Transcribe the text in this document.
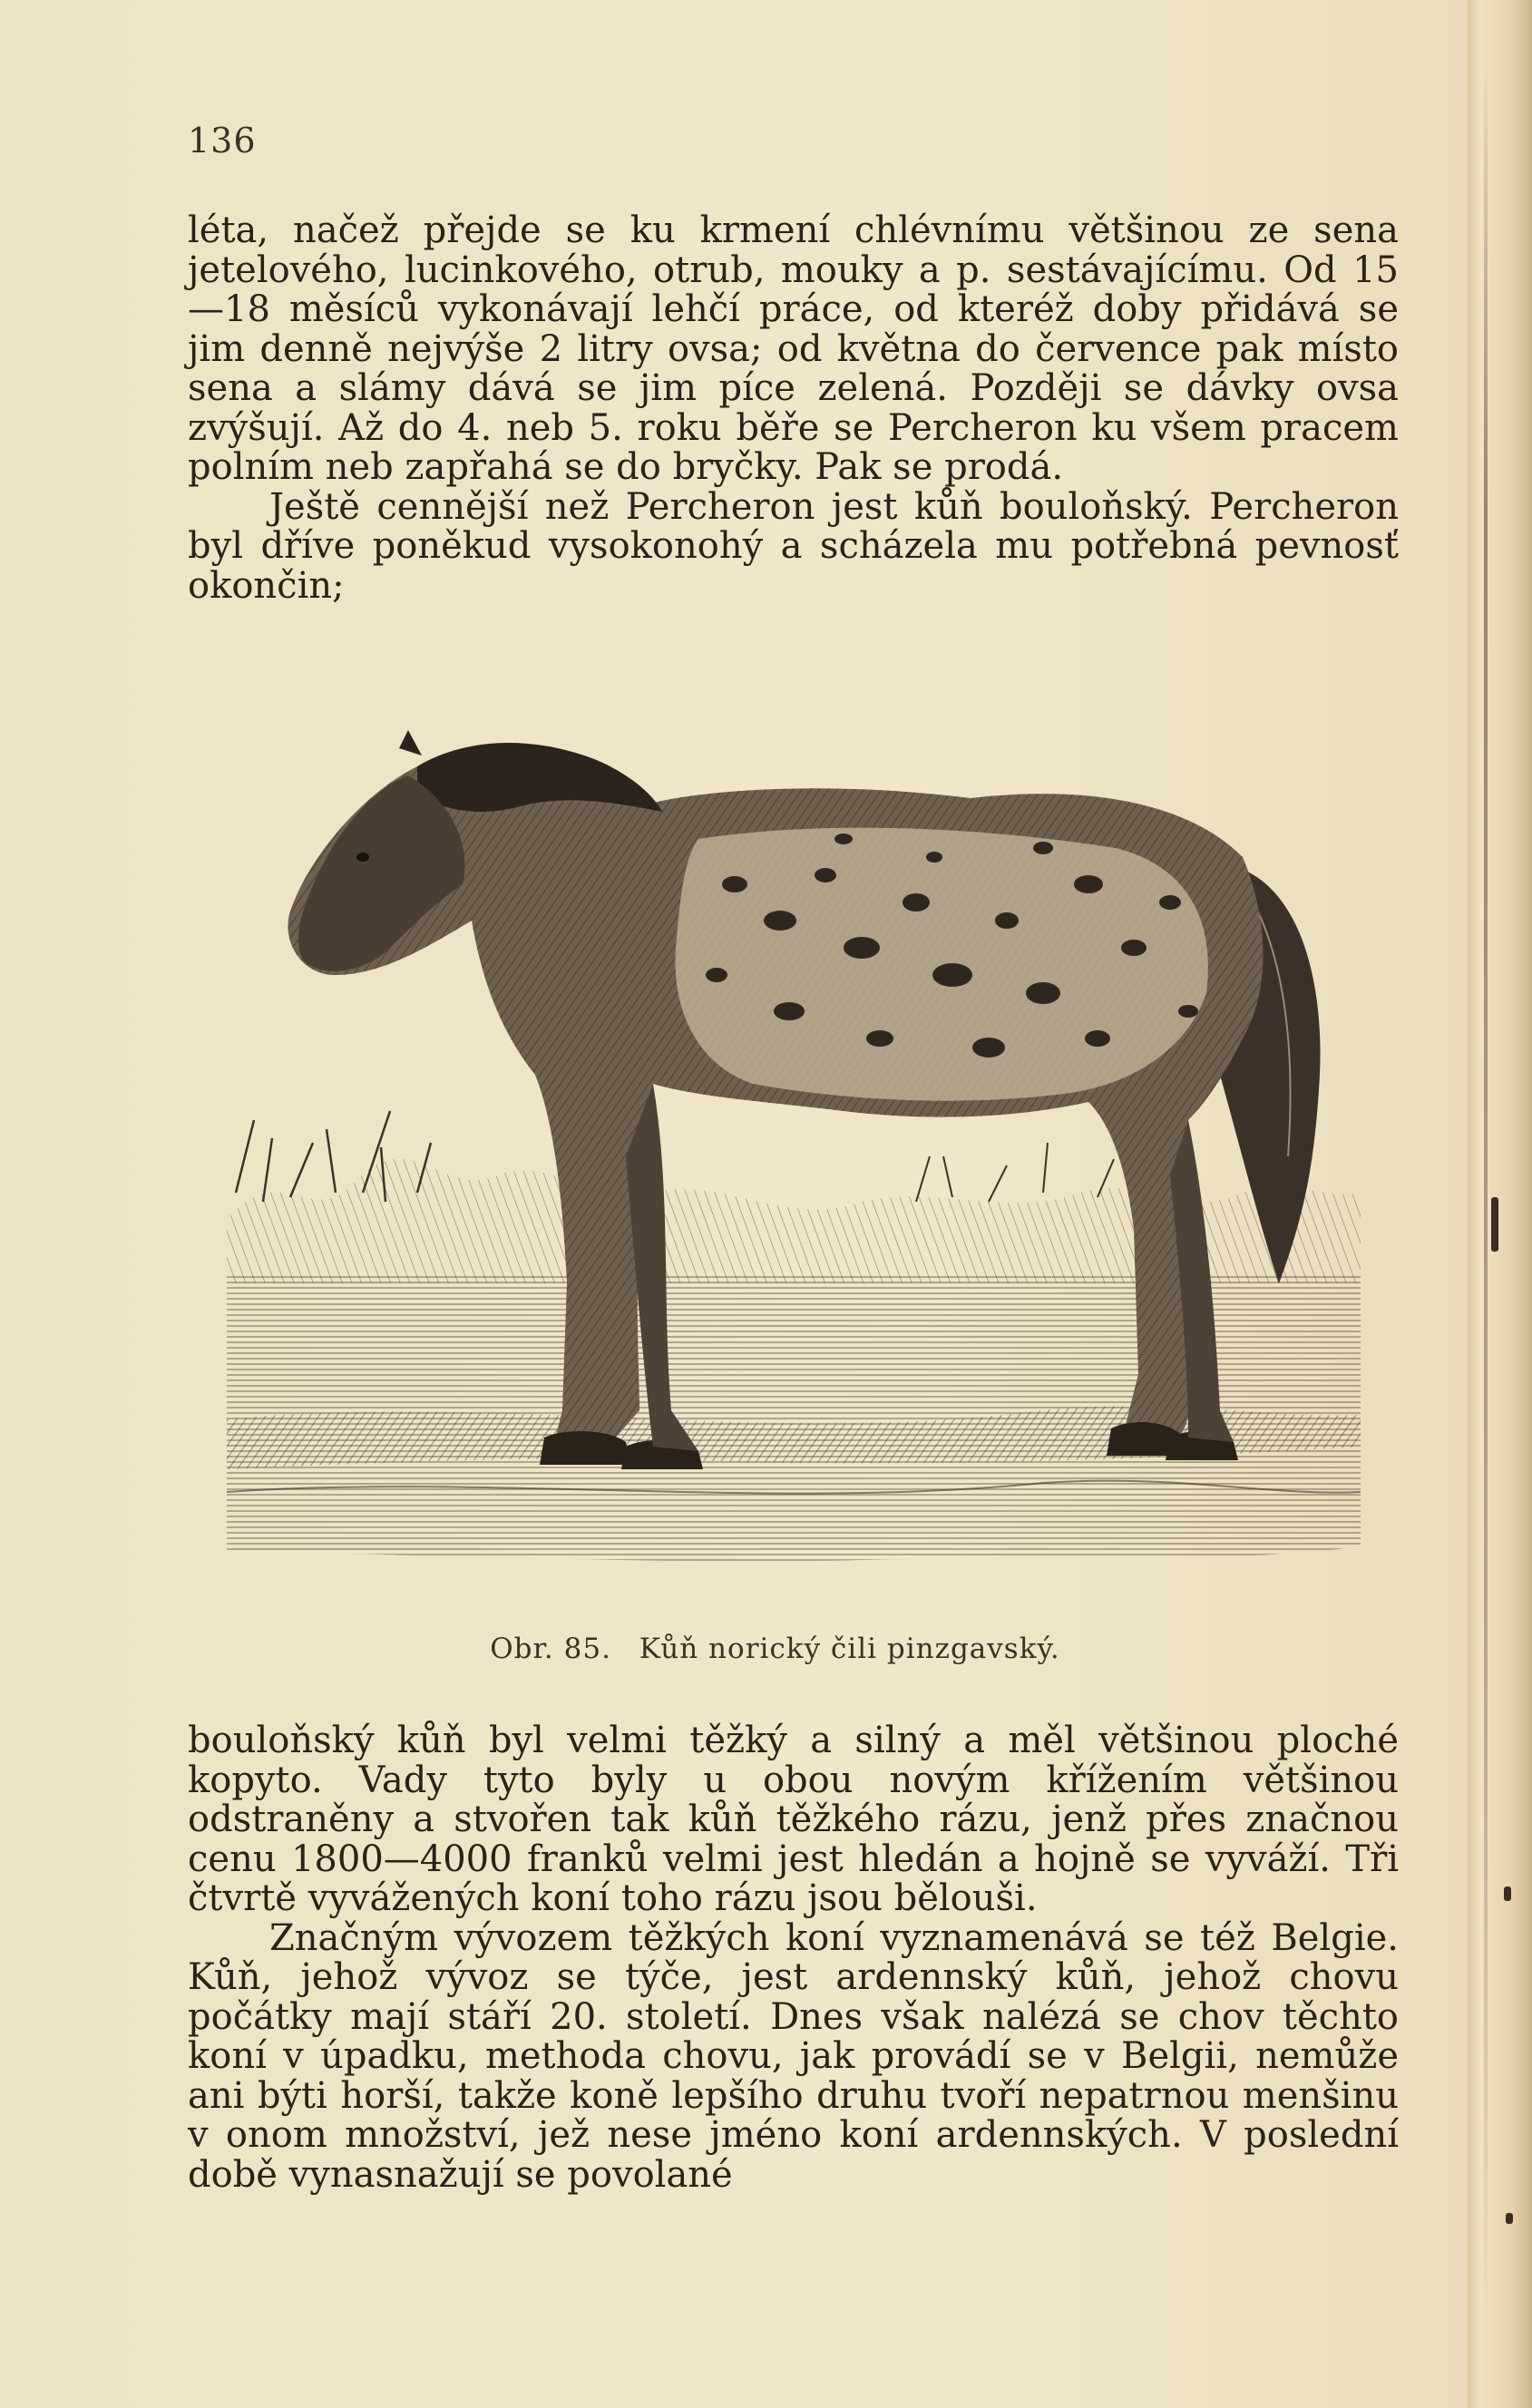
136

léta, načež přejde se ku krmení chlévnímu většinou ze sena jetelového, lucinkového, otrub, mouky a p. sestávajícímu. Od 15—18 měsíců vykonávají lehčí práce, od kteréž doby přidává se jim denně nejvýše 2 litry ovsa; od května do července pak místo sena a slámy dává se jim píce zelená. Později se dávky ovsa zvýšují. Až do 4. neb 5. roku běře se Percheron ku všem pracem polním neb zapřahá se do bryčky. Pak se prodá.

Ještě cennější než Percheron jest kůň bouloňský. Percheron byl dříve poněkud vysokonohý a scházela mu potřebná pevnosť okončin;

Obr. 85. Kůň norický čili pinzgavský.

bouloňský kůň byl velmi těžký a silný a měl většinou ploché kopyto. Vady tyto byly u obou novým křížením většinou odstraněny a stvořen tak kůň těžkého rázu, jenž přes značnou cenu 1800—4000 franků velmi jest hledán a hojně se vyváží. Tři čtvrtě vyvážených koní toho rázu jsou bělouši.

Značným vývozem těžkých koní vyznamenává se též Belgie. Kůň, jehož vývoz se týče, jest ardennský kůň, jehož chovu počátky mají stáří 20. století. Dnes však nalézá se chov těchto koní v úpadku, methoda chovu, jak provádí se v Belgii, nemůže ani býti horší, takže koně lepšího druhu tvoří nepatrnou menšinu v onom množství, jež nese jméno koní ardennských. V poslední době vynasnažují se povolané
